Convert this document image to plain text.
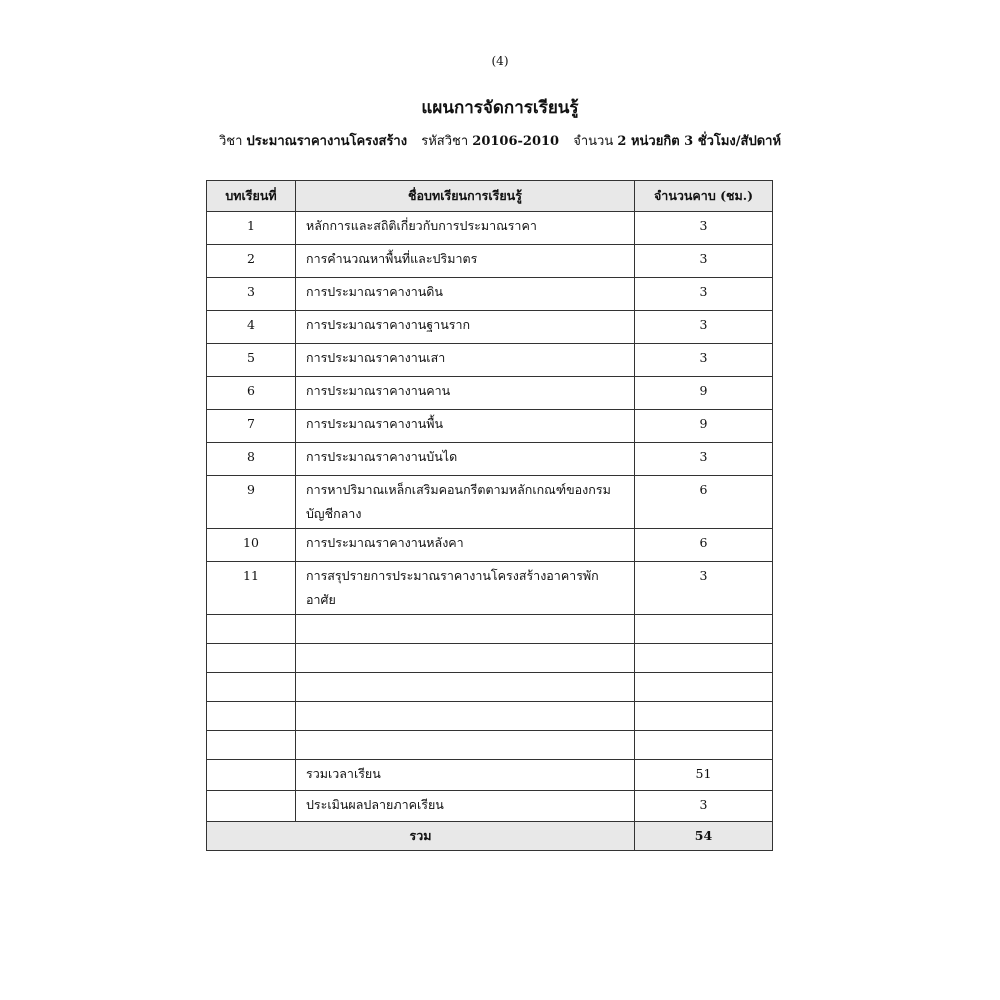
(4)
แผนการจัดการเรียนรู้
วิชา ประมาณราคางานโครงสร้าง รหัสวิชา 20106-2010 จำนวน 2 หน่วยกิต 3 ชั่วโมง/สัปดาห์
บทเรียนที่	ชื่อบทเรียนการเรียนรู้	จำนวนคาบ (ชม.)
1	หลักการและสถิติเกี่ยวกับการประมาณราคา	3
2	การคำนวณหาพื้นที่และปริมาตร	3
3	การประมาณราคางานดิน	3
4	การประมาณราคางานฐานราก	3
5	การประมาณราคางานเสา	3
6	การประมาณราคางานคาน	9
7	การประมาณราคางานพื้น	9
8	การประมาณราคางานบันได	3
9	การหาปริมาณเหล็กเสริมคอนกรีตตามหลักเกณฑ์ของกรมบัญชีกลาง	6
10	การประมาณราคางานหลังคา	6
11	การสรุปรายการประมาณราคางานโครงสร้างอาคารพักอาศัย	3

	รวมเวลาเรียน	51
	ประเมินผลปลายภาคเรียน	3
รวม		54
